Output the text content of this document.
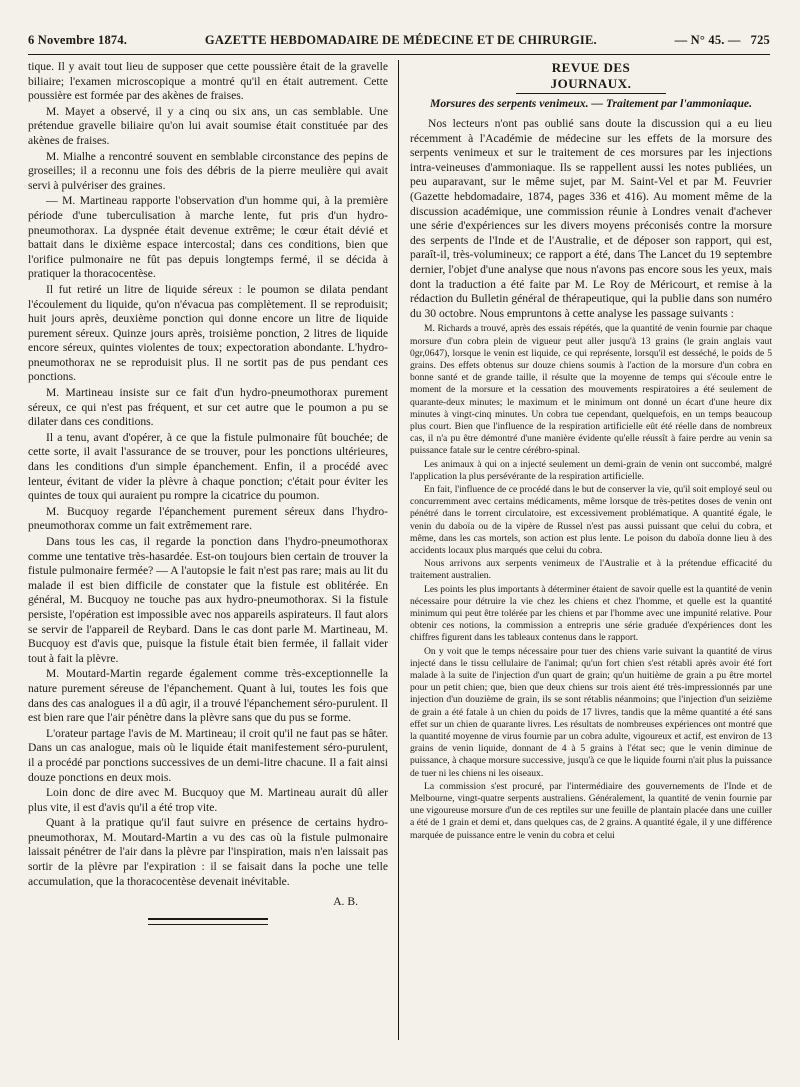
6 Novembre 1874.	GAZETTE HEBDOMADAIRE DE MÉDECINE ET DE CHIRURGIE.	— N° 45. — 725

tique. Il y avait tout lieu de supposer que cette poussière était de la gravelle biliaire; l'examen microscopique a montré qu'il en était autrement. Cette poussière est formée par des akènes de fraises.

M. Mayet a observé, il y a cinq ou six ans, un cas semblable. Une prétendue gravelle biliaire qu'on lui avait soumise était constituée par des akènes de fraises.

M. Mialhe a rencontré souvent en semblable circonstance des pepins de groseilles; il a reconnu une fois des débris de la pierre meulière qui avait servi à pulvériser des graines.

— M. Martineau rapporte l'observation d'un homme qui, à la première période d'une tuberculisation à marche lente, fut pris d'un hydro-pneumothorax. La dyspnée était devenue extrême; le cœur était dévié et battait dans le dixième espace intercostal; dans ces conditions, bien que l'orifice pulmonaire ne fût pas depuis longtemps fermé, il se décida à pratiquer la thoracocentèse.

Il fut retiré un litre de liquide séreux : le poumon se dilata pendant l'écoulement du liquide, qu'on n'évacua pas complètement. Il se reproduisit; huit jours après, deuxième ponction qui donne encore un litre de liquide purement séreux. Quinze jours après, troisième ponction, 2 litres de liquide encore séreux, quintes violentes de toux; expectoration abondante. L'hydro-pneumothorax ne se reproduisit plus. Il ne sortit pas de pus pendant ces ponctions.

M. Martineau insiste sur ce fait d'un hydro-pneumothorax purement séreux, ce qui n'est pas fréquent, et sur cet autre que le poumon a pu se dilater dans ces conditions.

Il a tenu, avant d'opérer, à ce que la fistule pulmonaire fût bouchée; de cette sorte, il avait l'assurance de se trouver, pour les ponctions ultérieures, dans les conditions d'un simple épanchement. Enfin, il a procédé avec lenteur, évitant de vider la plèvre à chaque ponction; c'était pour éviter les quintes de toux qui auraient pu rompre la cicatrice du poumon.

M. Bucquoy regarde l'épanchement purement séreux dans l'hydro-pneumothorax comme un fait extrêmement rare.

Dans tous les cas, il regarde la ponction dans l'hydro-pneumothorax comme une tentative très-hasardée. Est-on toujours bien certain de trouver la fistule pulmonaire fermée? — A l'autopsie le fait n'est pas rare; mais au lit du malade il est bien difficile de constater que la fistule est oblitérée. En général, M. Bucquoy ne touche pas aux hydro-pneumothorax. Si la fistule persiste, l'opération est impossible avec nos appareils aspirateurs. Il faut alors se servir de l'appareil de Reybard. Dans le cas dont parle M. Martineau, M. Bucquoy est d'avis que, puisque la fistule était bien fermée, il fallait vider tout à fait la plèvre.

M. Moutard-Martin regarde également comme très-exceptionnelle la nature purement séreuse de l'épanchement. Quant à lui, toutes les fois que dans des cas analogues il a dû agir, il a trouvé l'épanchement séro-purulent. Il est bien rare que l'air pénètre dans la plèvre sans que du pus se forme.

L'orateur partage l'avis de M. Martineau; il croit qu'il ne faut pas se hâter. Dans un cas analogue, mais où le liquide était manifestement séro-purulent, il a procédé par ponctions successives de un demi-litre chacune. Il a fait ainsi douze ponctions en deux mois.

Loin donc de dire avec M. Bucquoy que M. Martineau aurait dû aller plus vite, il est d'avis qu'il a été trop vite.

Quant à la pratique qu'il faut suivre en présence de certains hydro-pneumothorax, M. Moutard-Martin a vu des cas où la fistule pulmonaire laissait pénétrer de l'air dans la plèvre par l'inspiration, mais n'en laissait pas sortir de la plèvre par l'expiration : il se faisait dans la poche une telle accumulation, que la thoracocentèse devenait inévitable.

A. B.
REVUE DES JOURNAUX.
Morsures des serpents venimeux. — Traitement par l'ammoniaque.

Nos lecteurs n'ont pas oublié sans doute la discussion qui a eu lieu récemment à l'Académie de médecine sur les effets de la morsure des serpents venimeux et sur le traitement de ces morsures par les injections intra-veineuses d'ammoniaque. Ils se rappellent aussi les notes publiées, un peu auparavant, sur le même sujet, par M. Saint-Vel et par M. Feuvrier (Gazette hebdomadaire, 1874, pages 336 et 416). Au moment même de la discussion académique, une commission réunie à Londres venait d'achever une série d'expériences sur les divers moyens préconisés contre la morsure des serpents de l'Inde et de l'Australie, et de déposer son rapport, qui est, paraît-il, très-volumineux; ce rapport a été, dans The Lancet du 19 septembre dernier, l'objet d'une analyse que nous n'avons pas encore sous les yeux, mais dont la traduction a été faite par M. Le Roy de Méricourt, et remise à la rédaction du Bulletin général de thérapeutique, qui la publie dans son numéro du 30 octobre. Nous empruntons à cette analyse les passage suivants :

M. Richards a trouvé, après des essais répétés, que la quantité de venin fournie par chaque morsure d'un cobra plein de vigueur peut aller jusqu'à 13 grains (le grain anglais vaut 0gr,0647), lorsque le venin est liquide, ce qui représente, lorsqu'il est desséché, le poids de 5 grains. Des effets obtenus sur douze chiens soumis à l'action de la morsure d'un cobra en bonne santé et de grande taille, il résulte que la moyenne de temps qui s'écoule entre le moment de la morsure et la cessation des mouvements respiratoires a été seulement de quarante-deux minutes; le maximum et le minimum ont donné un écart d'une heure dix minutes à vingt-cinq minutes. Un cobra tue cependant, quelquefois, en un temps beaucoup plus court. Bien que l'influence de la respiration artificielle eût été réelle dans de nombreux cas, il n'a pu être démontré d'une manière évidente qu'elle réussît à faire perdre au venin sa puissance fatale sur le centre cérébro-spinal.

Les animaux à qui on a injecté seulement un demi-grain de venin ont succombé, malgré l'application la plus persévérante de la respiration artificielle.

En fait, l'influence de ce procédé dans le but de conserver la vie, qu'il soit employé seul ou concurremment avec certains médicaments, même lorsque de très-petites doses de venin ont pénétré dans le torrent circulatoire, est excessivement problématique. A quantité égale, le venin du daboïa ou de la vipère de Russel n'est pas aussi puissant que celui du cobra, et même, dans les cas mortels, son action est plus lente. Le poison du daboïa donne lieu à des accidents locaux plus marqués que celui du cobra.

Nous arrivons aux serpents venimeux de l'Australie et à la prétendue efficacité du traitement australien.

Les points les plus importants à déterminer étaient de savoir quelle est la quantité de venin nécessaire pour détruire la vie chez les chiens et chez l'homme, et quelle est la quantité minimum qui peut être tolérée par les chiens et par l'homme avec une impunité relative. Pour obtenir ces notions, la commission a entrepris une série graduée d'expériences dont les chiffres figurent dans les tableaux contenus dans le rapport.

On y voit que le temps nécessaire pour tuer des chiens varie suivant la quantité de virus injecté dans le tissu cellulaire de l'animal; qu'un fort chien s'est rétabli après avoir été fort malade à la suite de l'injection d'un quart de grain; qu'un huitième de grain a pu être mortel pour un petit chien; que, bien que deux chiens sur trois aient été très-impressionnés par une injection d'un douzième de grain, ils se sont rétablis néanmoins; que l'injection d'un seizième de grain a été fatale à un chien du poids de 17 livres, tandis que la même quantité a été sans effet sur un chien de quarante livres. Les résultats de nombreuses expériences ont montré que la quantité moyenne de virus fournie par un cobra adulte, vigoureux et actif, est environ de 13 grains de venin liquide, donnant de 4 à 5 grains à l'état sec; que le venin diminue de puissance, à chaque morsure successive, jusqu'à ce que le liquide fourni n'ait plus la puissance de tuer ni les chiens ni les oiseaux.

La commission s'est procuré, par l'intermédiaire des gouvernements de l'Inde et de Melbourne, vingt-quatre serpents australiens. Généralement, la quantité de venin fournie par une vigoureuse morsure d'un de ces reptiles sur une feuille de plantain placée dans une cuiller a été de 1 grain et demi et, dans quelques cas, de 2 grains. A quantité égale, il y une différence marquée de puissance entre le venin du cobra et celui
